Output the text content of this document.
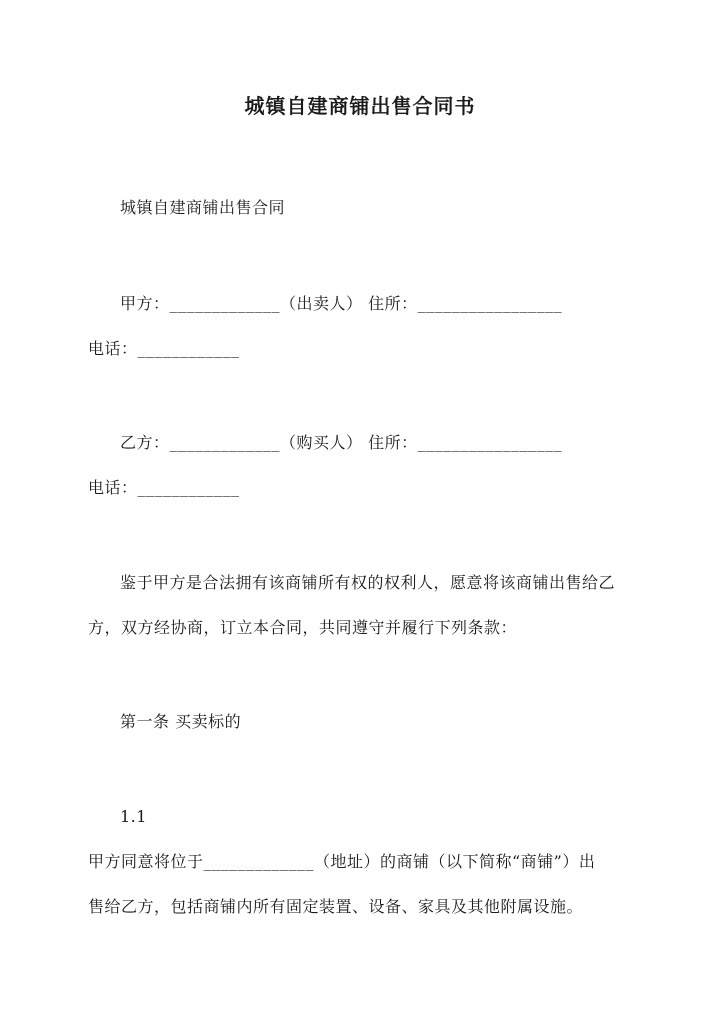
城镇自建商铺出售合同书
城镇自建商铺出售合同
甲方：_____________（出卖人） 住所：_________________
电话：____________
乙方：_____________（购买人） 住所：_________________
电话：____________
鉴于甲方是合法拥有该商铺所有权的权利人，愿意将该商铺出售给乙
方，双方经协商，订立本合同，共同遵守并履行下列条款：
第一条 买卖标的
1.1
甲方同意将位于_____________（地址）的商铺（以下简称“商铺”）出
售给乙方，包括商铺内所有固定装置、设备、家具及其他附属设施。
